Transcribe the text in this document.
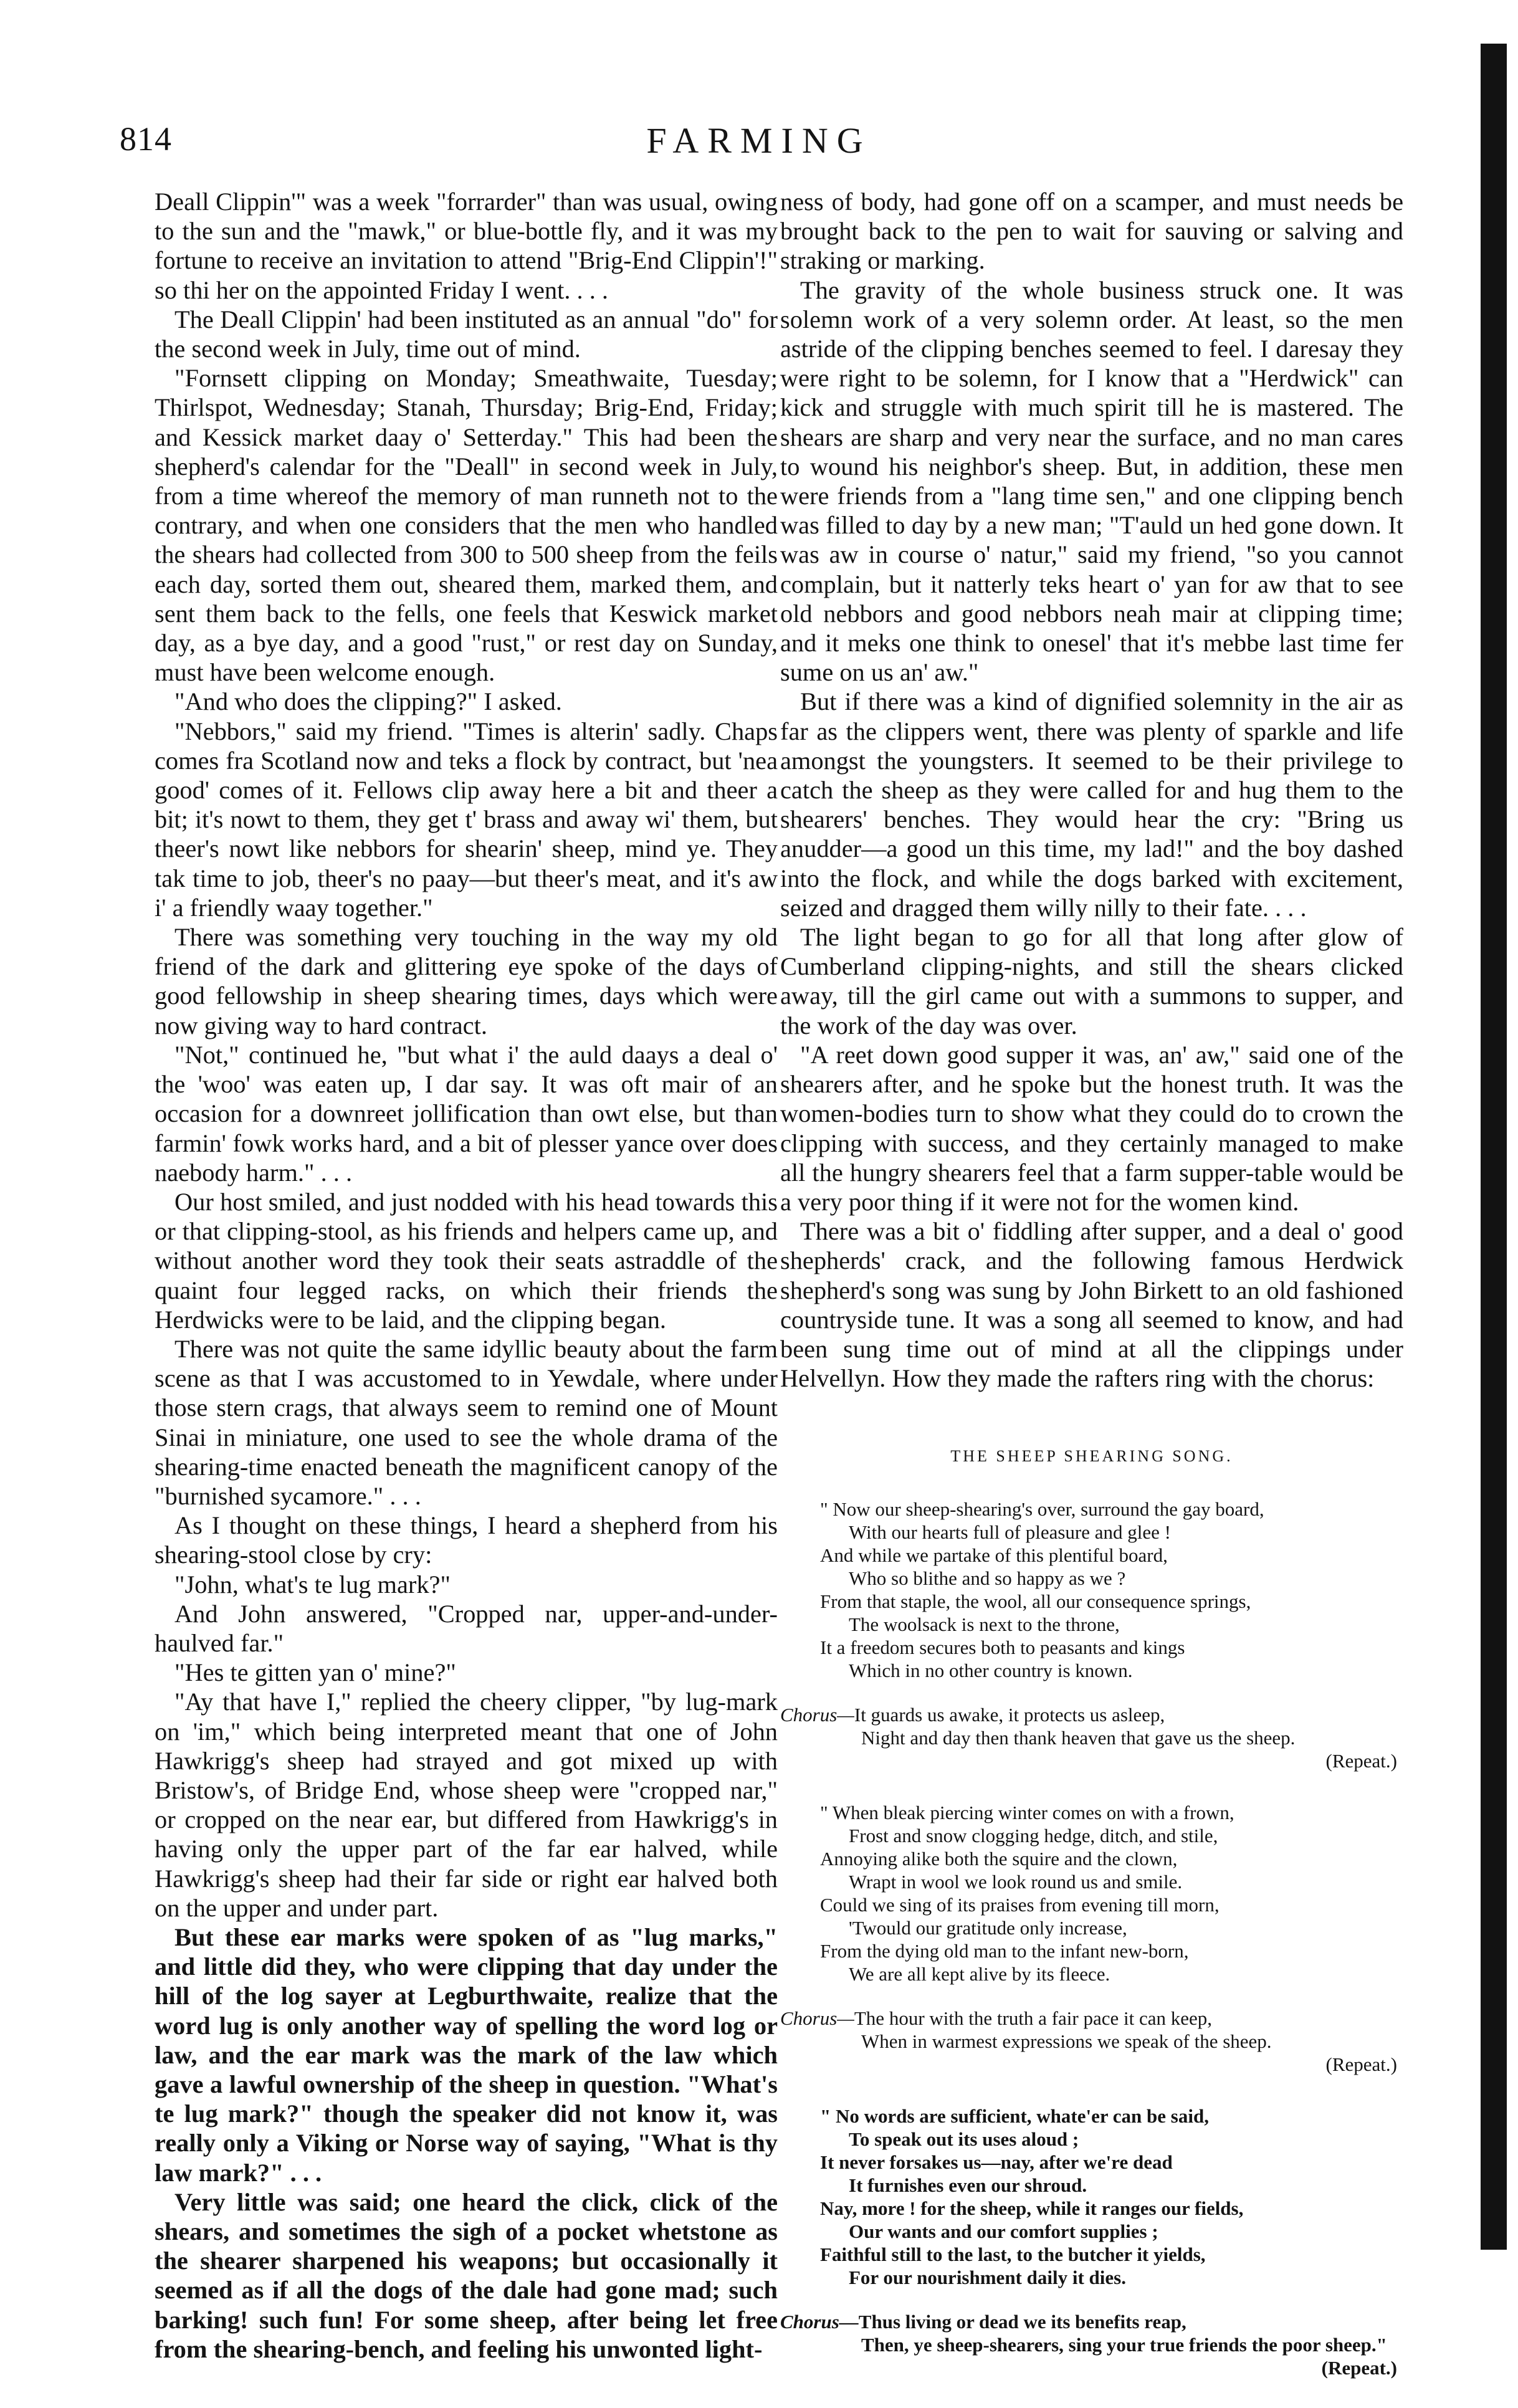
814	FARMING

Deall Clippin'" was a week "forrarder" than was usual, owing to the sun and the "mawk," or blue-bottle fly, and it was my fortune to receive an invitation to attend "Brig-End Clippin'!" so thi her on the appointed Friday I went. . . .

The Deall Clippin' had been instituted as an annual "do" for the second week in July, time out of mind.

"Fornsett clipping on Monday; Smeathwaite, Tuesday; Thirlspot, Wednesday; Stanah, Thursday; Brig-End, Friday; and Kessick market daay o' Setterday." This had been the shepherd's calendar for the "Deall" in second week in July, from a time whereof the memory of man runneth not to the contrary, and when one considers that the men who handled the shears had collected from 300 to 500 sheep from the feils each day, sorted them out, sheared them, marked them, and sent them back to the fells, one feels that Keswick market day, as a bye day, and a good "rust," or rest day on Sunday, must have been welcome enough.

"And who does the clipping?" I asked.

"Nebbors," said my friend. "Times is alterin' sadly. Chaps comes fra Scotland now and teks a flock by contract, but 'nea good' comes of it. Fellows clip away here a bit and theer a bit; it's nowt to them, they get t' brass and away wi' them, but theer's nowt like nebbors for shearin' sheep, mind ye. They tak time to job, theer's no paay—but theer's meat, and it's aw i' a friendly waay together."

There was something very touching in the way my old friend of the dark and glittering eye spoke of the days of good fellowship in sheep shearing times, days which were now giving way to hard contract.

"Not," continued he, "but what i' the auld daays a deal o' the 'woo' was eaten up, I dar say. It was oft mair of an occasion for a downreet jollification than owt else, but than farmin' fowk works hard, and a bit of plesser yance over does naebody harm." . . .

Our host smiled, and just nodded with his head towards this or that clipping-stool, as his friends and helpers came up, and without another word they took their seats astraddle of the quaint four legged racks, on which their friends the Herdwicks were to be laid, and the clipping began.

There was not quite the same idyllic beauty about the farm scene as that I was accustomed to in Yewdale, where under those stern crags, that always seem to remind one of Mount Sinai in miniature, one used to see the whole drama of the shearing-time enacted beneath the magnificent canopy of the "burnished sycamore." . . .

As I thought on these things, I heard a shepherd from his shearing-stool close by cry:

"John, what's te lug mark?"

And John answered, "Cropped nar, upper-and-under-haulved far."

"Hes te gitten yan o' mine?"

"Ay that have I," replied the cheery clipper, "by lug-mark on 'im," which being interpreted meant that one of John Hawkrigg's sheep had strayed and got mixed up with Bristow's, of Bridge End, whose sheep were "cropped nar," or cropped on the near ear, but differed from Hawkrigg's in having only the upper part of the far ear halved, while Hawkrigg's sheep had their far side or right ear halved both on the upper and under part.

But these ear marks were spoken of as "lug marks," and little did they, who were clipping that day under the hill of the log sayer at Legburthwaite, realize that the word lug is only another way of spelling the word log or law, and the ear mark was the mark of the law which gave a lawful ownership of the sheep in question. "What's te lug mark?" though the speaker did not know it, was really only a Viking or Norse way of saying, "What is thy law mark?" . . .

Very little was said; one heard the click, click of the shears, and sometimes the sigh of a pocket whetstone as the shearer sharpened his weapons; but occasionally it seemed as if all the dogs of the dale had gone mad; such barking! such fun! For some sheep, after being let free from the shearing-bench, and feeling his unwonted light-

ness of body, had gone off on a scamper, and must needs be brought back to the pen to wait for sauving or salving and straking or marking.

The gravity of the whole business struck one. It was solemn work of a very solemn order. At least, so the men astride of the clipping benches seemed to feel. I daresay they were right to be solemn, for I know that a "Herdwick" can kick and struggle with much spirit till he is mastered. The shears are sharp and very near the surface, and no man cares to wound his neighbor's sheep. But, in addition, these men were friends from a "lang time sen," and one clipping bench was filled to day by a new man; "T'auld un hed gone down. It was aw in course o' natur," said my friend, "so you cannot complain, but it natterly teks heart o' yan for aw that to see old nebbors and good nebbors neah mair at clipping time; and it meks one think to onesel' that it's mebbe last time fer sume on us an' aw."

But if there was a kind of dignified solemnity in the air as far as the clippers went, there was plenty of sparkle and life amongst the youngsters. It seemed to be their privilege to catch the sheep as they were called for and hug them to the shearers' benches. They would hear the cry: "Bring us anudder—a good un this time, my lad!" and the boy dashed into the flock, and while the dogs barked with excitement, seized and dragged them willy nilly to their fate. . . .

The light began to go for all that long after glow of Cumberland clipping-nights, and still the shears clicked away, till the girl came out with a summons to supper, and the work of the day was over.

"A reet down good supper it was, an' aw," said one of the shearers after, and he spoke but the honest truth. It was the women-bodies turn to show what they could do to crown the clipping with success, and they certainly managed to make all the hungry shearers feel that a farm supper-table would be a very poor thing if it were not for the women kind.

There was a bit o' fiddling after supper, and a deal o' good shepherds' crack, and the following famous Herdwick shepherd's song was sung by John Birkett to an old fashioned countryside tune. It was a song all seemed to know, and had been sung time out of mind at all the clippings under Helvellyn. How they made the rafters ring with the chorus:

THE SHEEP SHEARING SONG.
" Now our sheep-shearing's over, surround the gay board,
With our hearts full of pleasure and glee !
And while we partake of this plentiful board,
Who so blithe and so happy as we ?
From that staple, the wool, all our consequence springs,
The woolsack is next to the throne,
It a freedom secures both to peasants and kings
Which in no other country is known.
Chorus—It guards us awake, it protects us asleep,
Night and day then thank heaven that gave us the sheep.
(Repeat.)
" When bleak piercing winter comes on with a frown,
Frost and snow clogging hedge, ditch, and stile,
Annoying alike both the squire and the clown,
Wrapt in wool we look round us and smile.
Could we sing of its praises from evening till morn,
'Twould our gratitude only increase,
From the dying old man to the infant new-born,
We are all kept alive by its fleece.
Chorus—The hour with the truth a fair pace it can keep,
When in warmest expressions we speak of the sheep.
(Repeat.)
" No words are sufficient, whate'er can be said,
To speak out its uses aloud ;
It never forsakes us—nay, after we're dead
It furnishes even our shroud.
Nay, more ! for the sheep, while it ranges our fields,
Our wants and our comfort supplies ;
Faithful still to the last, to the butcher it yields,
For our nourishment daily it dies.
Chorus—Thus living or dead we its benefits reap,
Then, ye sheep-shearers, sing your true friends the poor sheep."
(Repeat.)
